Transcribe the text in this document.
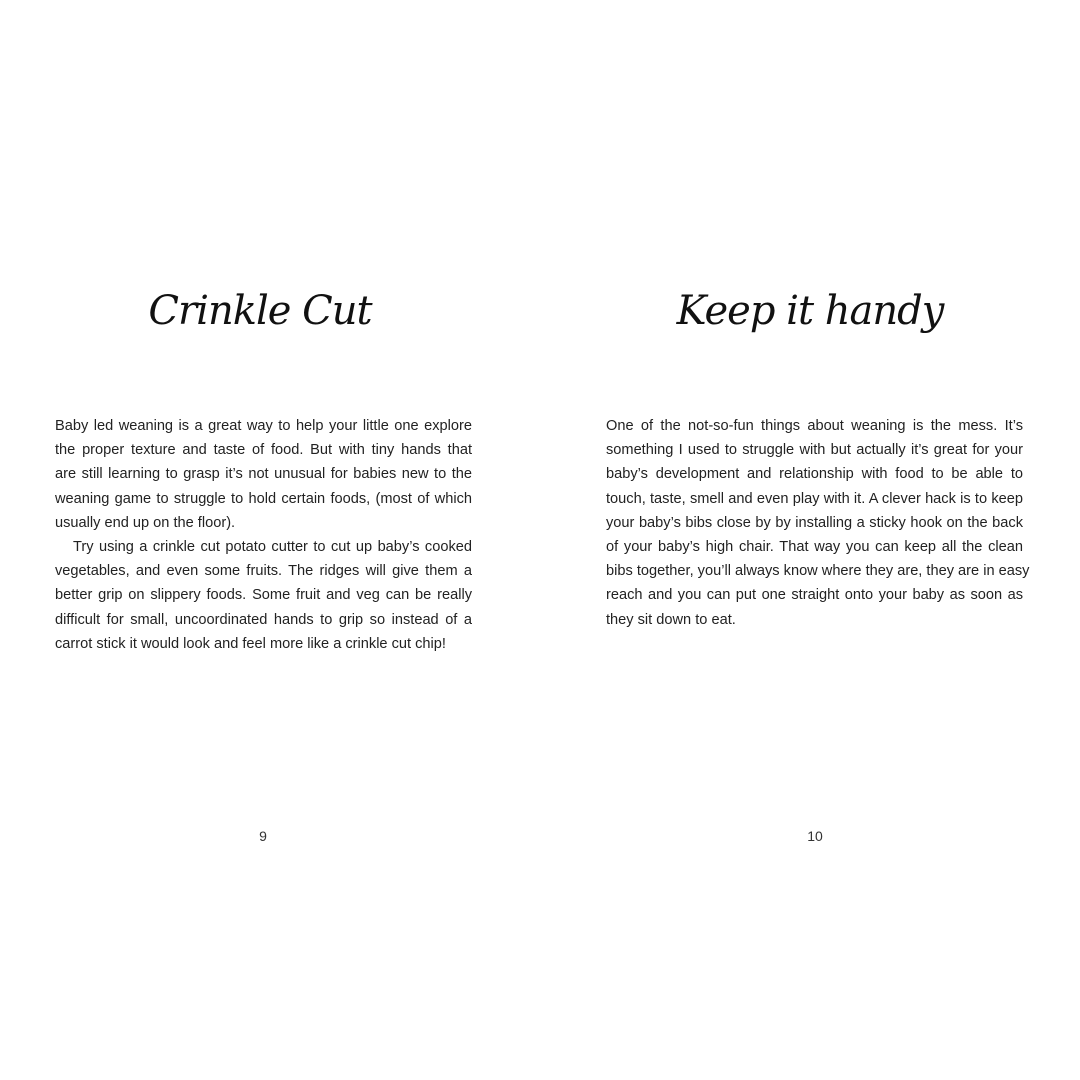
Crinkle Cut
Baby led weaning is a great way to help your little one explore
the proper texture and taste of food. But with tiny hands that
are still learning to grasp it’s not unusual for babies new to the
weaning game to struggle to hold certain foods, (most of which
usually end up on the floor).
Try using a crinkle cut potato cutter to cut up baby’s cooked
vegetables, and even some fruits. The ridges will give them a
better grip on slippery foods. Some fruit and veg can be really
difficult for small, uncoordinated hands to grip so instead of a
carrot stick it would look and feel more like a crinkle cut chip!
9
Keep it handy
One of the not-so-fun things about weaning is the mess. It’s
something I used to struggle with but actually it’s great for your
baby’s development and relationship with food to be able to
touch, taste, smell and even play with it. A clever hack is to keep
your baby’s bibs close by by installing a sticky hook on the back
of your baby’s high chair. That way you can keep all the clean
bibs together, you’ll always know where they are, they are in easy
reach and you can put one straight onto your baby as soon as
they sit down to eat.
10
